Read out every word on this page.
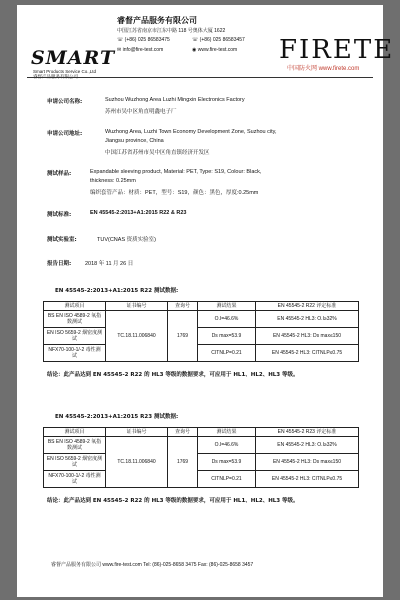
睿督产品服务有限公司
中国江苏省南京市江东中路 118 号奥体大厦 1622
☏ (+86) 025 86583475	☏ (+86) 025 86583457
✉ info@fire-test.com	◉ www.fire-test.com
SMART
Smart Products Service Co.,Ltd
FIRETE
中国防火网 www.firete.com
申请公司名称:	Suzhou Wuzhong Area Luzhi Mingxin Electronics Factory
苏州市吴中区角直明鑫电子厂
申请公司地址:	Wuzhong Area, Luzhi Town Economy Development Zone, Suzhou city,
Jiangsu province, China
中国江苏省苏州市吴中区角直镇经济开发区
测试样品:	Expandable sleeving product, Material: PET, Type: S19, Colour: Black,
thickness: 0.25mm
编织套管产品：材质：PET，型号：S19，颜色：黑色，厚度:0.25mm
测试标准:	EN 45545-2:2013+A1:2015 R22 & R23
测试实验室:	TUV(CNAS 资质实验室)
报告日期:	2018 年 11 月 26 日
EN 45545-2:2013+A1:2015 R22 测试数据:
测试项目	证书编号	查询号	测试结果	EN 45545-2 R22 评定标准
BS EN ISO 4589-2 氧指数测试	TC.18.11.006840	1769	O.I=46.6%	EN 45545-2 HL3: O.I≥32%
EN ISO 5659-2 烟密度测试			Ds max=53.9	EN 45545-2 HL3: Ds max≤150
NFX70-100-1/-2 毒性测试			CITNLP=0.21	EN 45545-2 HL3: CITNLP≤0.75
结论：此产品达到 EN 45545-2 R22 的 HL3 等级的数据要求，可应用于 HL1、HL2、HL3 等级。
EN 45545-2:2013+A1:2015 R23 测试数据:
测试项目	证书编号	查询号	测试结果	EN 45545-2 R23 评定标准
BS EN ISO 4589-2 氧指数测试	TC.18.11.006840	1769	O.I=46.6%	EN 45545-2 HL3: O.I≥32%
EN ISO 5659-2 烟密度测试			Ds max=53.9	EN 45545-2 HL3: Ds max≤150
NFX70-100-1/-2 毒性测试			CITNLP=0.21	EN 45545-2 HL3: CITNLP≤0.75
结论：此产品达到 EN 45545-2 R22 的 HL3 等级的数据要求，可应用于 HL1、HL2、HL3 等级。
睿督产品服务有限公司 www.fire-test.com Tel: (86)-025-8658 3475 Fax: (86)-025-8658 3457
